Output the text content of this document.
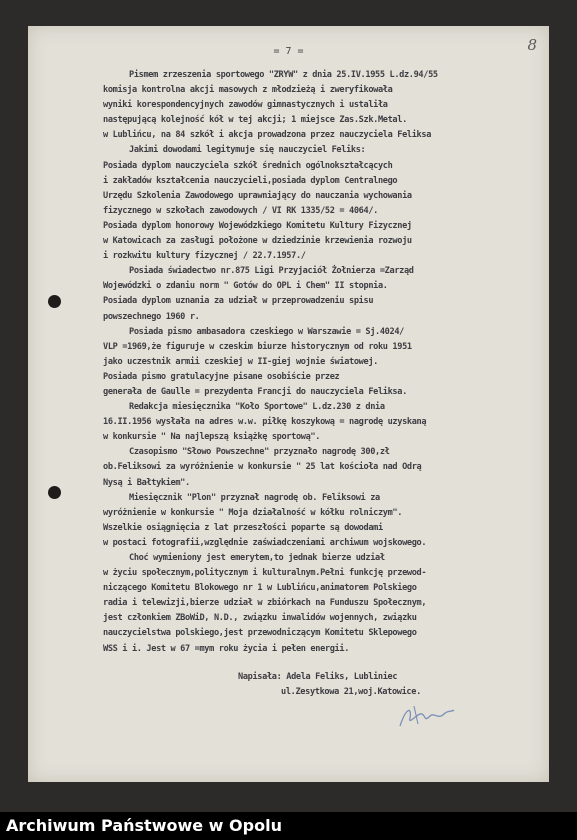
= 7 =	8
Pismem zrzeszenia sportowego "ZRYW" z dnia 25.IV.1955 L.dz.94/55
komisja kontrolna akcji masowych z młodzieżą i zweryfikowała
wyniki korespondencyjnych zawodów gimnastycznych i ustaliła
następującą kolejność kół w tej akcji; 1 miejsce Zas.Szk.Metal.
w Lublińcu, na 84 szkół i akcja prowadzona przez nauczyciela Feliksa
Jakimi dowodami legitymuje się nauczyciel Feliks:
Posiada dyplom nauczyciela szkół średnich ogólnokształcących
i zakładów kształcenia nauczycieli,posiada dyplom Centralnego
Urzędu Szkolenia Zawodowego uprawniający do nauczania wychowania
fizycznego w szkołach zawodowych / VI RK 1335/52 = 4064/.
Posiada dyplom honorowy Wojewódzkiego Komitetu Kultury Fizycznej
w Katowicach za zasługi położone w dziedzinie krzewienia rozwoju
i rozkwitu kultury fizycznej / 22.7.1957./
Posiada świadectwo nr.875 Ligi Przyjaciół Żołnierza =Zarząd
Wojewódzki o zdaniu norm " Gotów do OPL i Chem" II stopnia.
Posiada dyplom uznania za udział w przeprowadzeniu spisu
powszechnego 1960 r.
Posiada pismo ambasadora czeskiego w Warszawie = Sj.4024/
VLP =1969,że figuruje w czeskim biurze historycznym od roku 1951
jako uczestnik armii czeskiej w II-giej wojnie światowej.
Posiada pismo gratulacyjne pisane osobiście przez
generała de Gaulle = prezydenta Francji do nauczyciela Feliksa.
Redakcja miesięcznika "Koło Sportowe" L.dz.230 z dnia
16.II.1956 wysłała na adres w.w. piłkę koszykową = nagrodę uzyskaną
w konkursie " Na najlepszą książkę sportową".
Czasopismo "Słowo Powszechne" przyznało nagrodę 300,zł
ob.Feliksowi za wyróżnienie w konkursie " 25 lat kościoła nad Odrą
Nysą i Bałtykiem".
Miesięcznik "Plon" przyznał nagrodę ob. Feliksowi za
wyróżnienie w konkursie " Moja działalność w kółku rolniczym".
Wszelkie osiągnięcia z lat przeszłości poparte są dowodami
w postaci fotografii,względnie zaświadczeniami archiwum wojskowego.
Choć wymieniony jest emerytem,to jednak bierze udział
w życiu społecznym,politycznym i kulturalnym.Pełni funkcję przewod-
niczącego Komitetu Blokowego nr 1 w Lublińcu,animatorem Polskiego
radia i telewizji,bierze udział w zbiórkach na Funduszu Społecznym,
jest członkiem ZBoWiD, N.D., związku inwalidów wojennych, związku
nauczycielstwa polskiego,jest przewodniczącym Komitetu Sklepowego
WSS i i. Jest w 67 =mym roku życia i pełen energii.
Napisała: Adela Feliks, Lubliniec
ul.Zesytkowa 21,woj.Katowice.
Archiwum Państwowe w Opolu
